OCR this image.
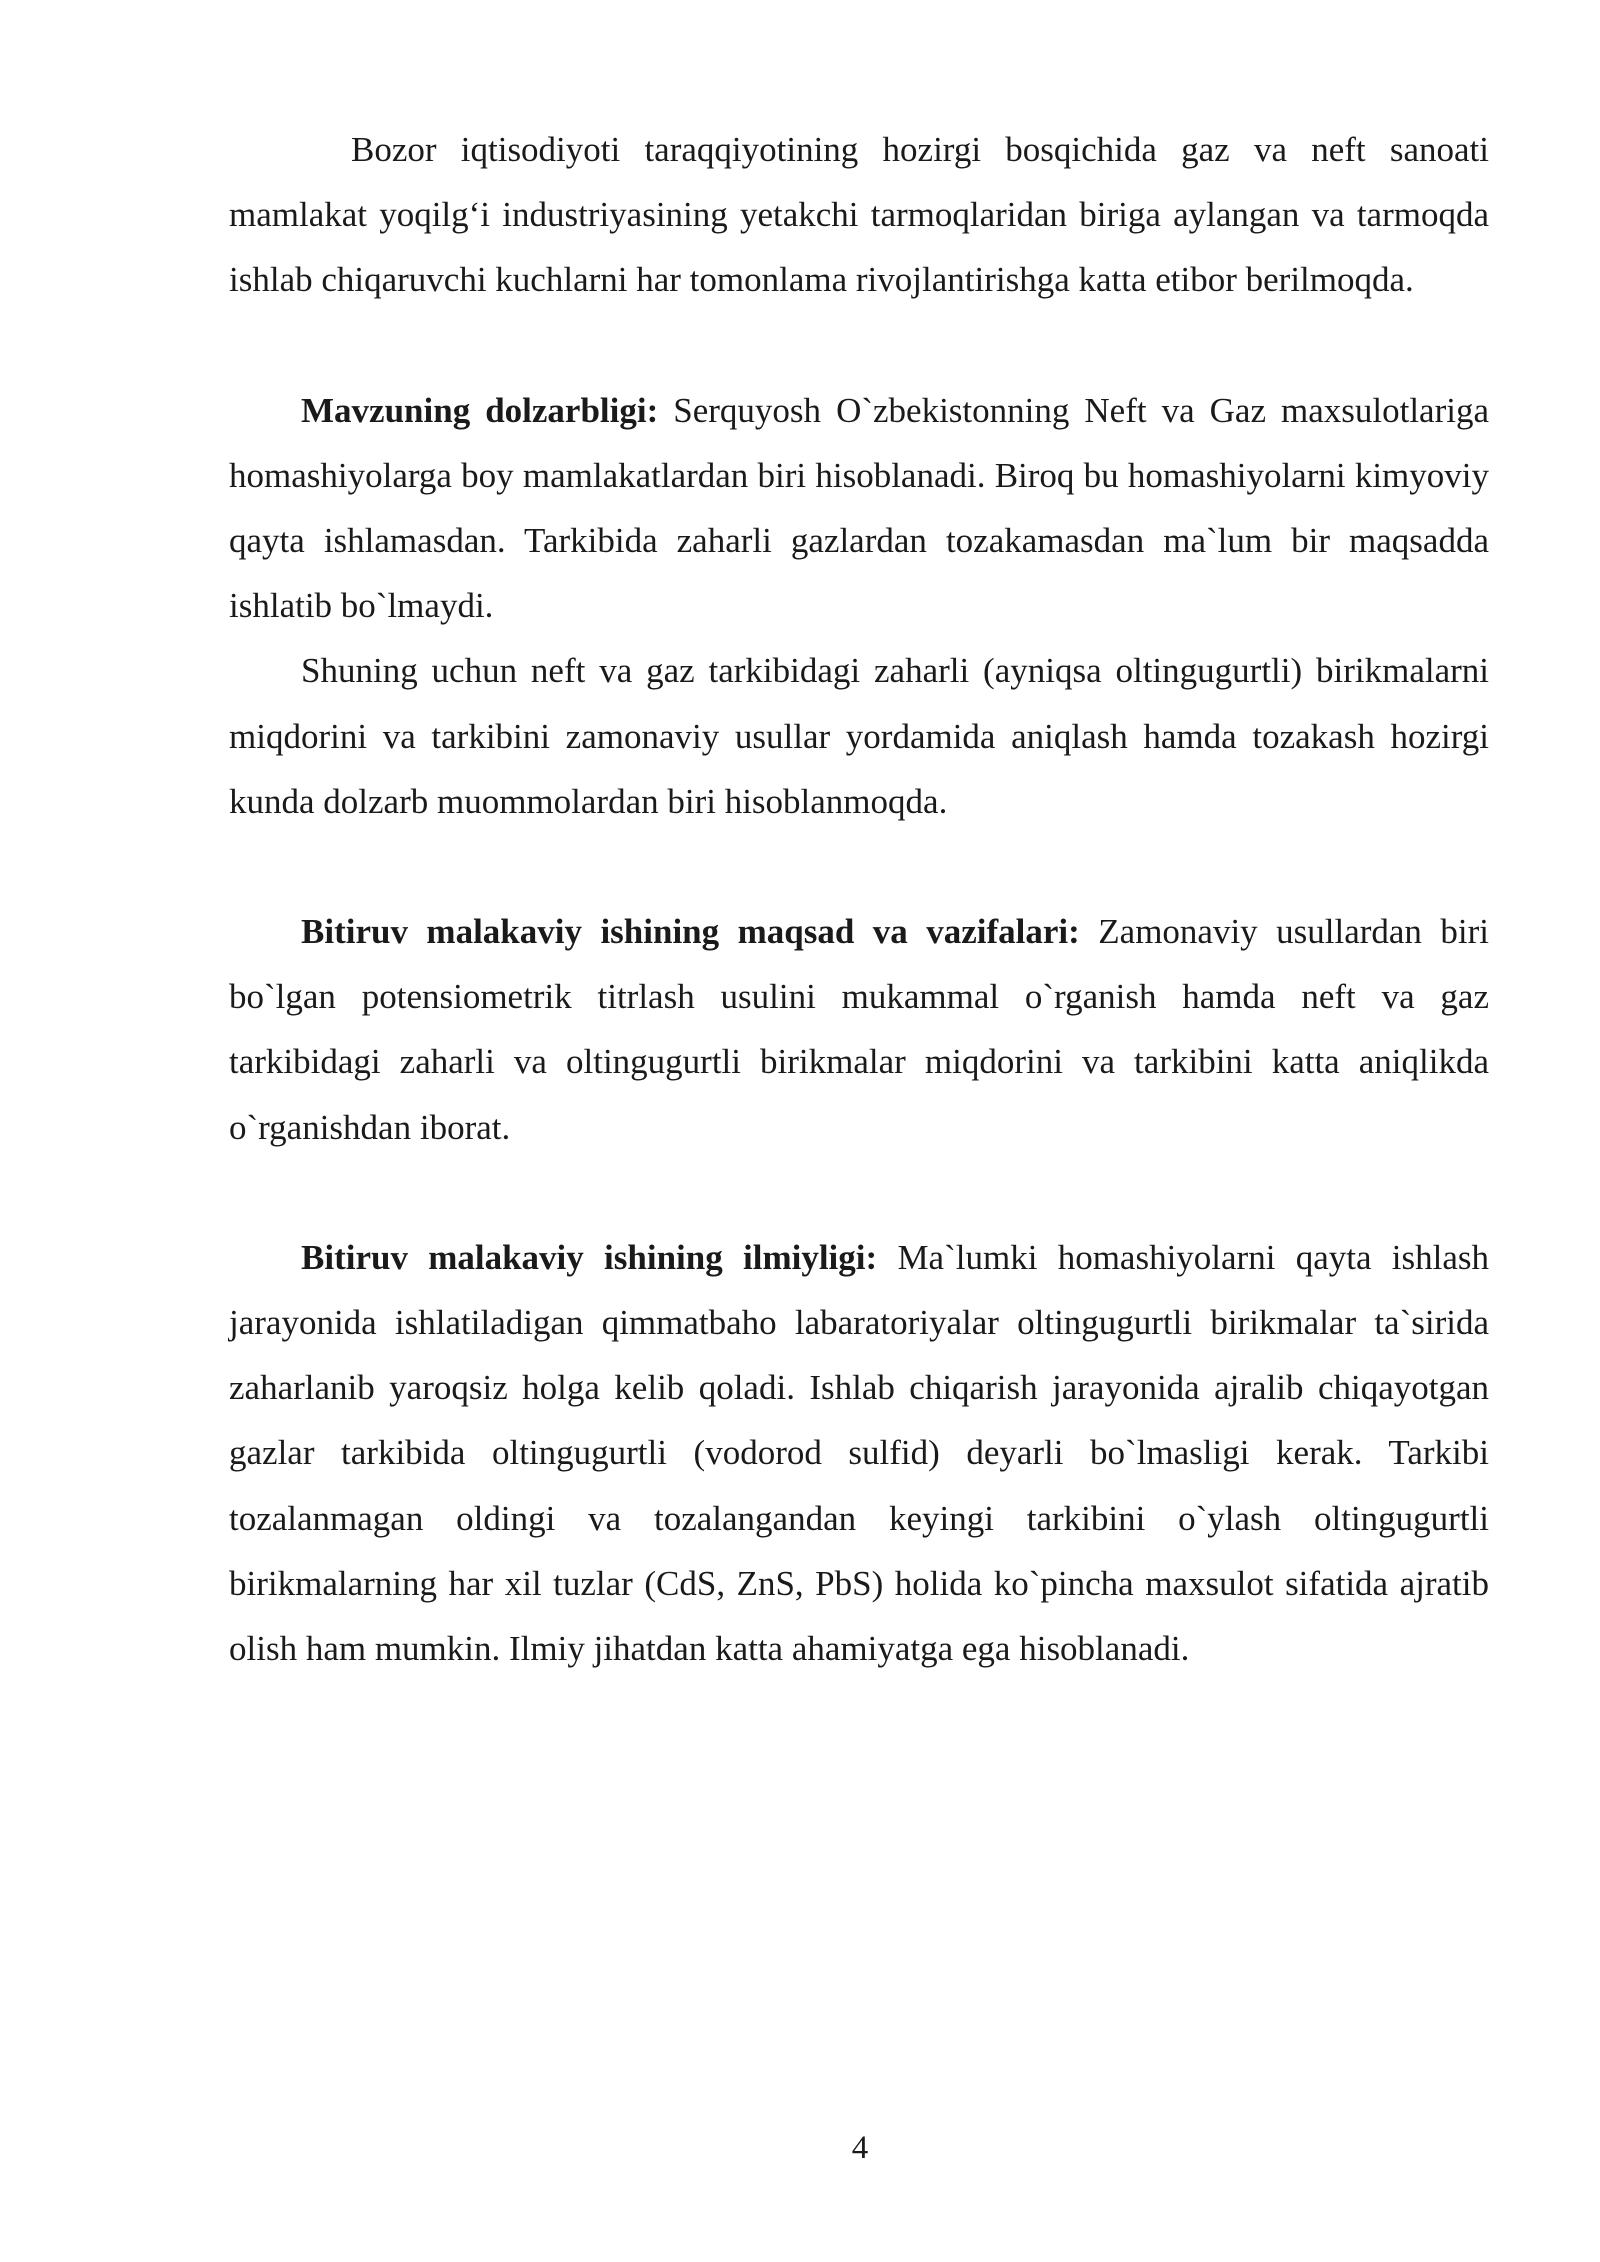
Bozor iqtisodiyoti taraqqiyotining hozirgi bosqichida gaz va neft sanoati mamlakat yoqilg‘i industriyasining yetakchi tarmoqlaridan biriga aylangan va tarmoqda ishlab chiqaruvchi kuchlarni har tomonlama rivojlantirishga katta etibor berilmoqda.

Mavzuning dolzarbligi: Serquyosh O`zbekistonning Neft va Gaz maxsulotlariga homashiyolarga boy mamlakatlardan biri hisoblanadi. Biroq bu homashiyolarni kimyoviy qayta ishlamasdan. Tarkibida zaharli gazlardan tozakamasdan ma`lum bir maqsadda ishlatib bo`lmaydi.

Shuning uchun neft va gaz tarkibidagi zaharli (ayniqsa oltingugurtli) birikmalarni miqdorini va tarkibini zamonaviy usullar yordamida aniqlash hamda tozakash hozirgi kunda dolzarb muommolardan biri hisoblanmoqda.

Bitiruv malakaviy ishining maqsad va vazifalari: Zamonaviy usullardan biri bo`lgan potensiometrik titrlash usulini mukammal o`rganish hamda neft va gaz tarkibidagi zaharli va oltingugurtli birikmalar miqdorini va tarkibini katta aniqlikda o`rganishdan iborat.

Bitiruv malakaviy ishining ilmiyligi: Ma`lumki homashiyolarni qayta ishlash jarayonida ishlatiladigan qimmatbaho labaratoriyalar oltingugurtli birikmalar ta`sirida zaharlanib yaroqsiz holga kelib qoladi. Ishlab chiqarish jarayonida ajralib chiqayotgan gazlar tarkibida oltingugurtli (vodorod sulfid) deyarli bo`lmasligi kerak. Tarkibi tozalanmagan oldingi va tozalangandan keyingi tarkibini o`ylash oltingugurtli birikmalarning har xil tuzlar (CdS, ZnS, PbS) holida ko`pincha maxsulot sifatida ajratib olish ham mumkin. Ilmiy jihatdan katta ahamiyatga ega hisoblanadi.

4
